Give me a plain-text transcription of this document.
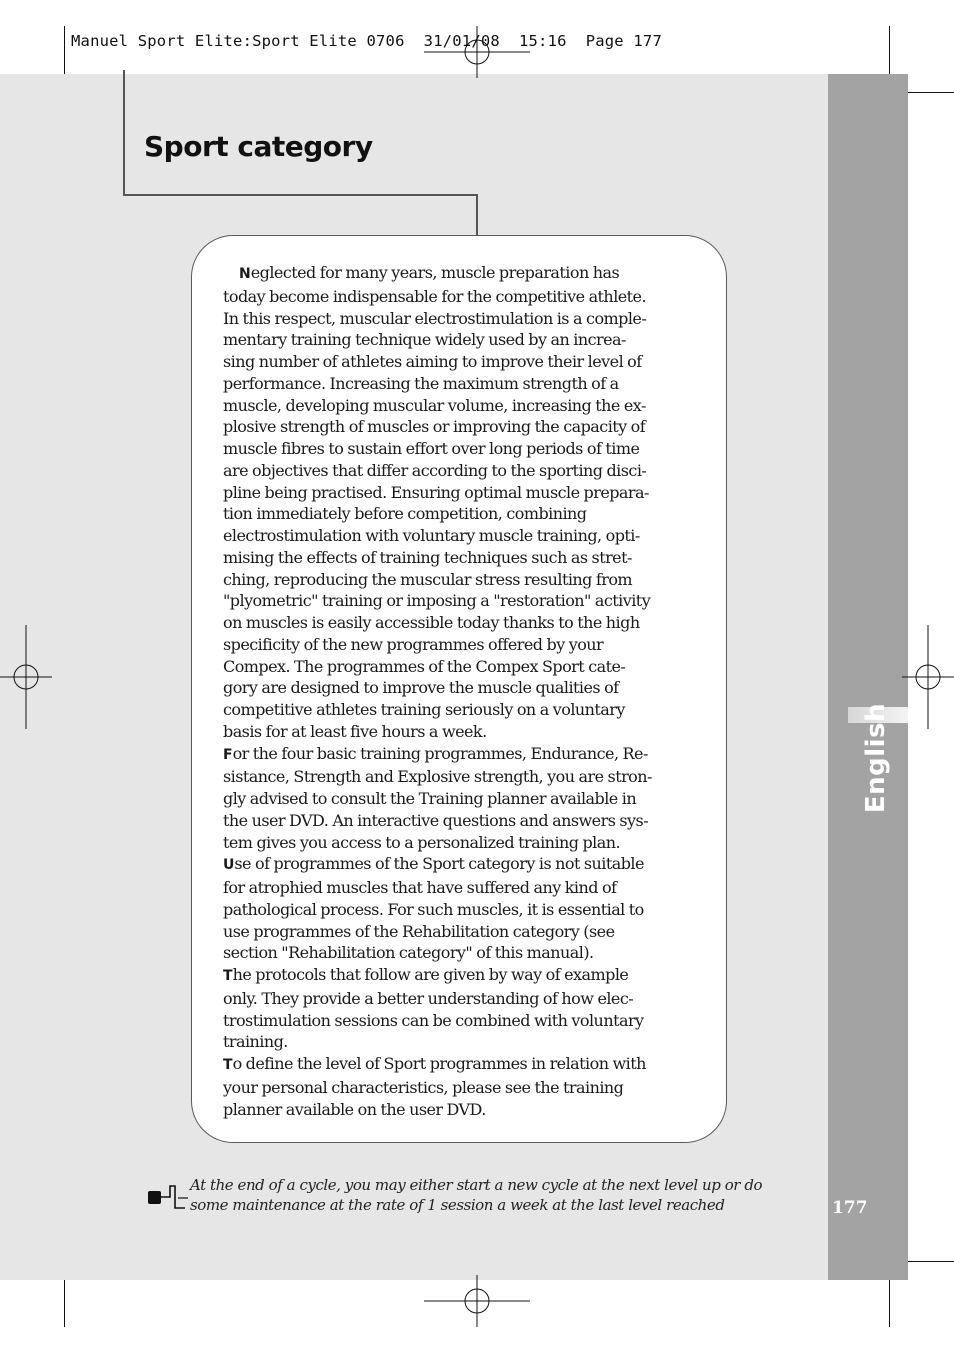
Manuel Sport Elite:Sport Elite 0706  31/01/08  15:16  Page 177
English
177
Sport category
Neglected for many years, muscle preparation has
today become indispensable for the competitive athlete.
In this respect, muscular electrostimulation is a comple-
mentary training technique widely used by an increa-
sing number of athletes aiming to improve their level of
performance. Increasing the maximum strength of a
muscle, developing muscular volume, increasing the ex-
plosive strength of muscles or improving the capacity of
muscle fibres to sustain effort over long periods of time
are objectives that differ according to the sporting disci-
pline being practised. Ensuring optimal muscle prepara-
tion immediately before competition, combining
electrostimulation with voluntary muscle training, opti-
mising the effects of training techniques such as stret-
ching, reproducing the muscular stress resulting from
"plyometric" training or imposing a "restoration" activity
on muscles is easily accessible today thanks to the high
specificity of the new programmes offered by your
Compex. The programmes of the Compex Sport cate-
gory are designed to improve the muscle qualities of
competitive athletes training seriously on a voluntary
basis for at least five hours a week.
For the four basic training programmes, Endurance, Re-
sistance, Strength and Explosive strength, you are stron-
gly advised to consult the Training planner available in
the user DVD. An interactive questions and answers sys-
tem gives you access to a personalized training plan.
Use of programmes of the Sport category is not suitable
for atrophied muscles that have suffered any kind of
pathological process. For such muscles, it is essential to
use programmes of the Rehabilitation category (see
section "Rehabilitation category" of this manual).
The protocols that follow are given by way of example
only. They provide a better understanding of how elec-
trostimulation sessions can be combined with voluntary
training.
To define the level of Sport programmes in relation with
your personal characteristics, please see the training
planner available on the user DVD.
At the end of a cycle, you may either start a new cycle at the next level up or do
some maintenance at the rate of 1 session a week at the last level reached
